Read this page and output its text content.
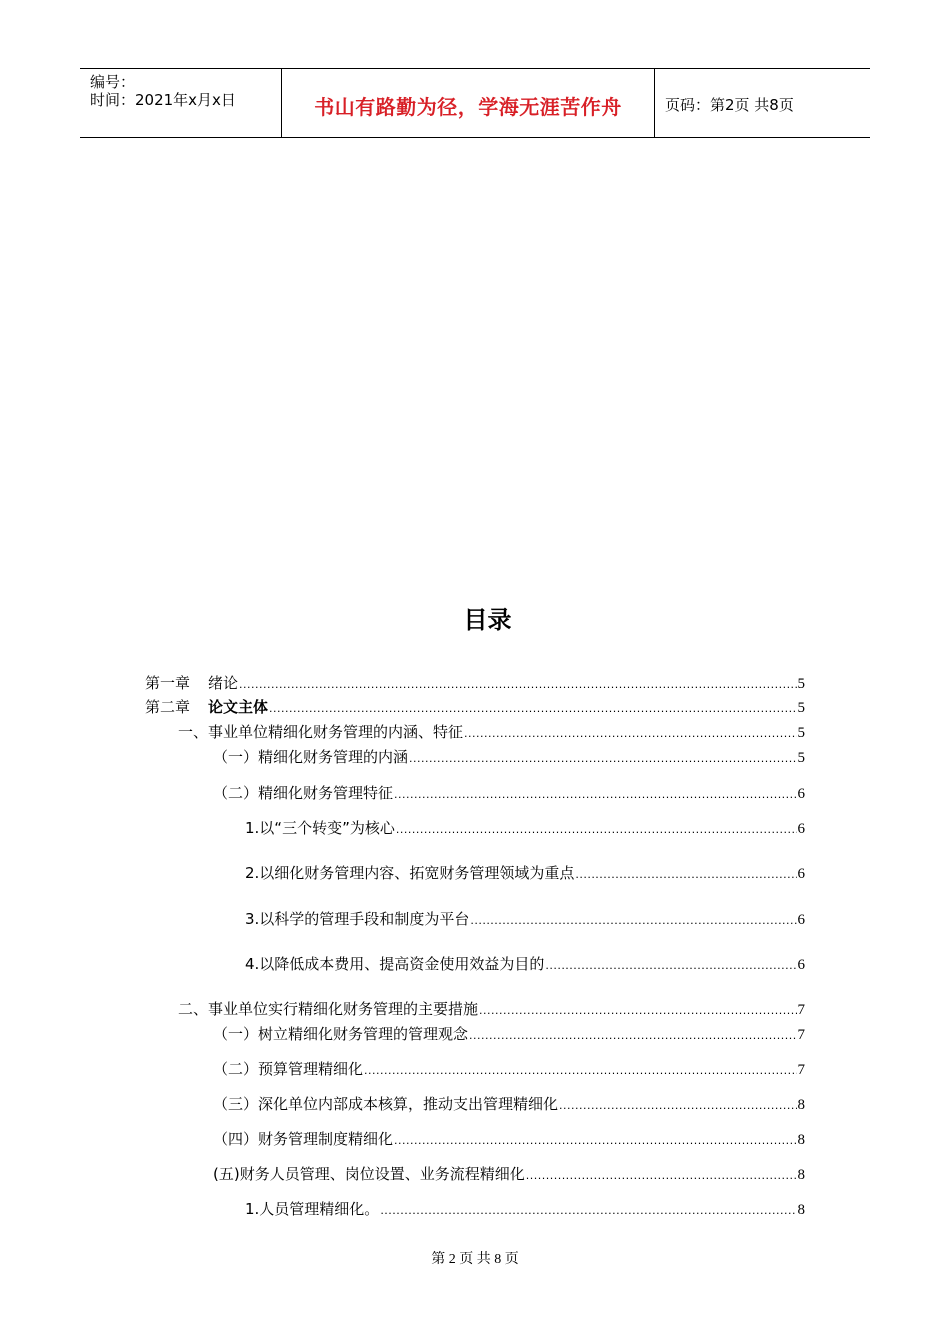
编号：
时间：2021年x月x日	书山有路勤为径，学海无涯苦作舟	页码：第2页 共8页
目录
第一章 绪论 .....	5
第二章 论文主体 .....	5
一、事业单位精细化财务管理的内涵、特征 .....	5
（一）精细化财务管理的内涵 .....	5
（二）精细化财务管理特征 .....	6
1.以“三个转变”为核心 .....	6
2.以细化财务管理内容、拓宽财务管理领域为重点 .....	6
3.以科学的管理手段和制度为平台 .....	6
4.以降低成本费用、提高资金使用效益为目的 .....	6
二、事业单位实行精细化财务管理的主要措施 .....	7
（一）树立精细化财务管理的管理观念 .....	7
（二）预算管理精细化 .....	7
（三）深化单位内部成本核算，推动支出管理精细化 .....	8
（四）财务管理制度精细化 .....	8
(五)财务人员管理、岗位设置、业务流程精细化 .....	8
1.人员管理精细化。 .....	8
第 2 页 共 8 页
